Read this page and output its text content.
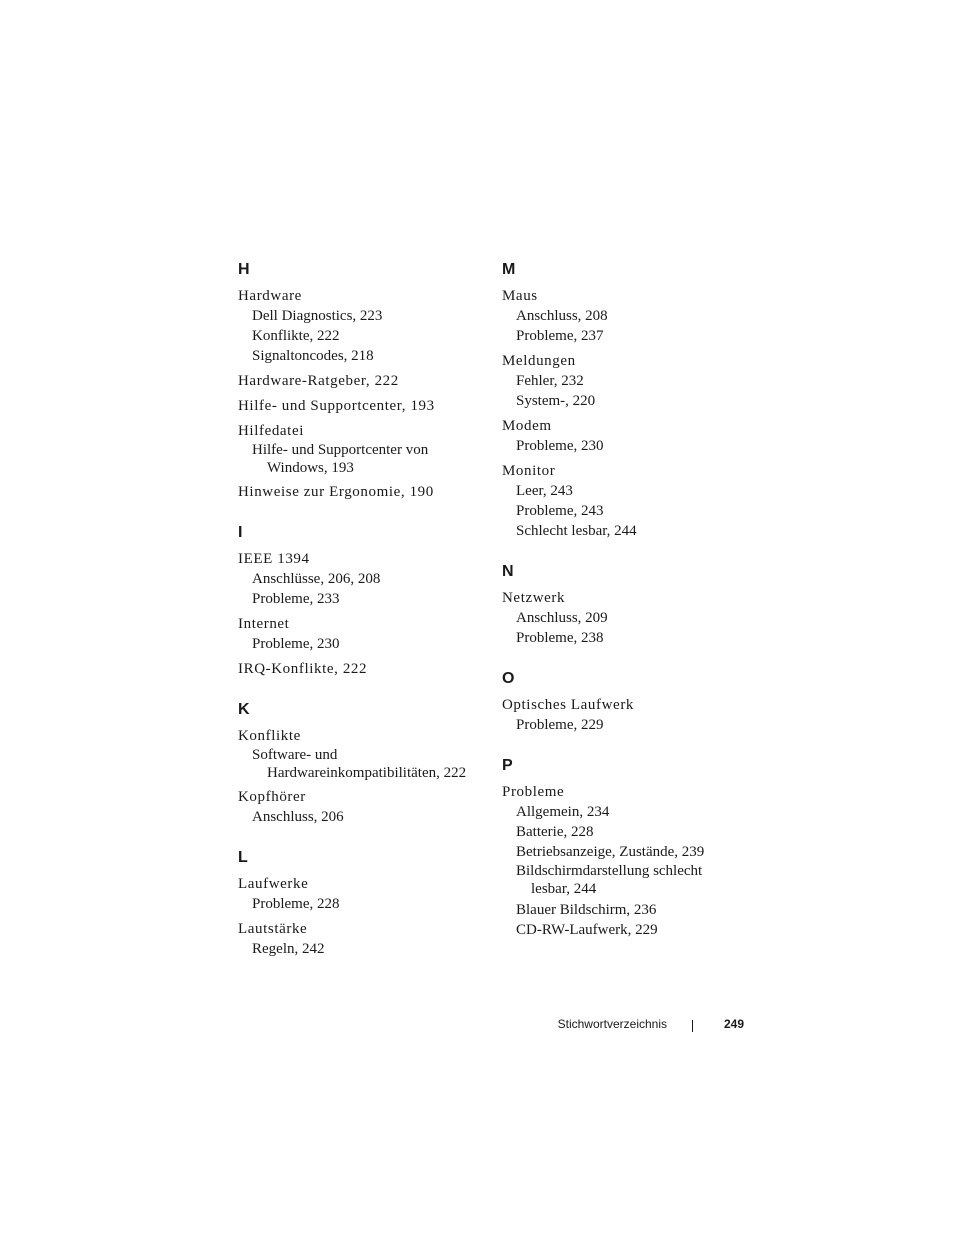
H
Hardware
Dell Diagnostics, 223
Konflikte, 222
Signaltoncodes, 218
Hardware-Ratgeber, 222
Hilfe- und Supportcenter, 193
Hilfedatei
Hilfe- und Supportcenter von Windows, 193
Hinweise zur Ergonomie, 190
I
IEEE 1394
Anschlüsse, 206, 208
Probleme, 233
Internet
Probleme, 230
IRQ-Konflikte, 222
K
Konflikte
Software- und Hardwareinkompatibilitäten, 222
Kopfhörer
Anschluss, 206
L
Laufwerke
Probleme, 228
Lautstärke
Regeln, 242
M
Maus
Anschluss, 208
Probleme, 237
Meldungen
Fehler, 232
System-, 220
Modem
Probleme, 230
Monitor
Leer, 243
Probleme, 243
Schlecht lesbar, 244
N
Netzwerk
Anschluss, 209
Probleme, 238
O
Optisches Laufwerk
Probleme, 229
P
Probleme
Allgemein, 234
Batterie, 228
Betriebsanzeige, Zustände, 239
Bildschirmdarstellung schlecht lesbar, 244
Blauer Bildschirm, 236
CD-RW-Laufwerk, 229
Stichwortverzeichnis	249
